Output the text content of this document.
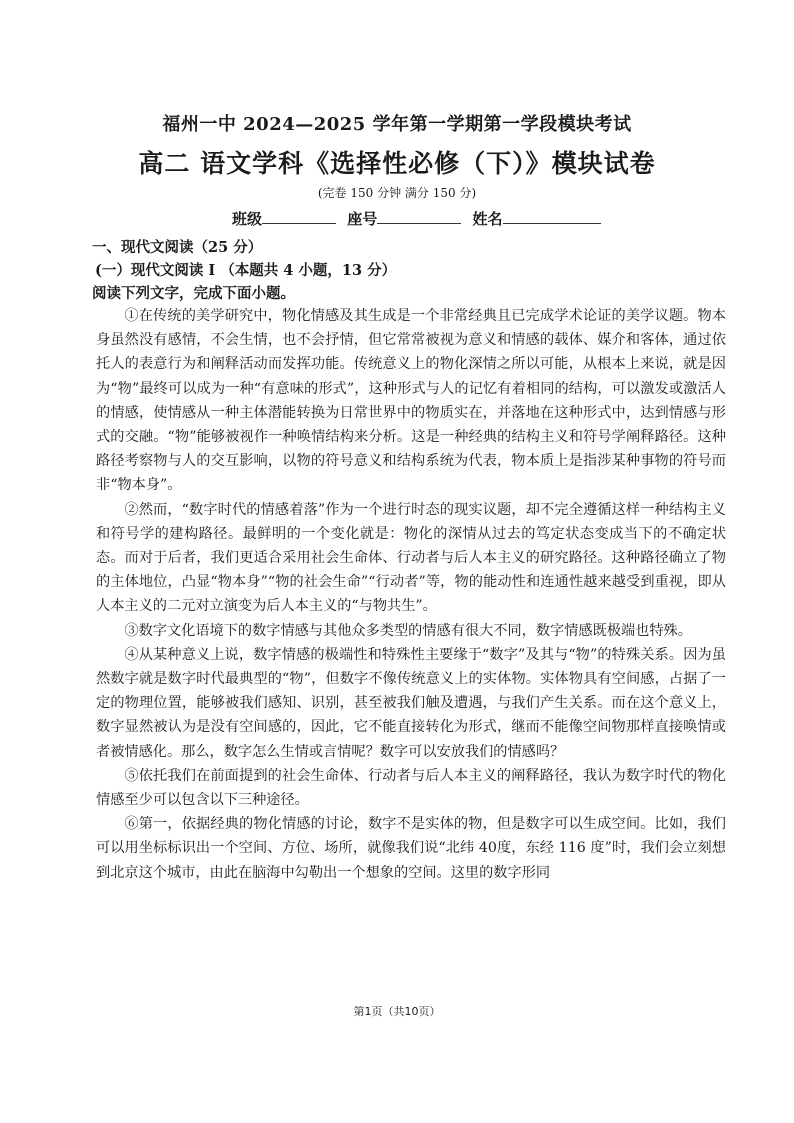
福州一中 2024—2025 学年第一学期第一学段模块考试
高二 语文学科《选择性必修（下）》模块试卷
(完卷 150 分钟 满分 150 分)
班级	座号	姓名
一、现代文阅读（25 分）
(一）现代文阅读 I （本题共 4 小题，13 分）
阅读下列文字，完成下面小题。

①在传统的美学研究中，物化情感及其生成是一个非常经典且已完成学术论证的美学议题。物本身虽然没有感情，不会生情，也不会抒情，但它常常被视为意义和情感的载体、媒介和客体，通过依托人的表意行为和阐释活动而发挥功能。传统意义上的物化深情之所以可能，从根本上来说，就是因为“物”最终可以成为一种“有意味的形式”，这种形式与人的记忆有着相同的结构，可以激发或激活人的情感，使情感从一种主体潜能转换为日常世界中的物质实在，并落地在这种形式中，达到情感与形式的交融。“物”能够被视作一种唤情结构来分析。这是一种经典的结构主义和符号学阐释路径。这种路径考察物与人的交互影响，以物的符号意义和结构系统为代表，物本质上是指涉某种事物的符号而非“物本身”。

②然而，“数字时代的情感着落”作为一个进行时态的现实议题，却不完全遵循这样一种结构主义和符号学的建构路径。最鲜明的一个变化就是：物化的深情从过去的笃定状态变成当下的不确定状态。而对于后者，我们更适合采用社会生命体、行动者与后人本主义的研究路径。这种路径确立了物的主体地位，凸显“物本身”“物的社会生命”“行动者”等，物的能动性和连通性越来越受到重视，即从人本主义的二元对立演变为后人本主义的“与物共生”。

③数字文化语境下的数字情感与其他众多类型的情感有很大不同，数字情感既极端也特殊。

④从某种意义上说，数字情感的极端性和特殊性主要缘于“数字”及其与“物”的特殊关系。因为虽然数字就是数字时代最典型的“物”，但数字不像传统意义上的实体物。实体物具有空间感，占据了一定的物理位置，能够被我们感知、识别，甚至被我们触及遭遇，与我们产生关系。而在这个意义上，数字显然被认为是没有空间感的，因此，它不能直接转化为形式，继而不能像空间物那样直接唤情或者被情感化。那么，数字怎么生情或言情呢？数字可以安放我们的情感吗？

⑤依托我们在前面提到的社会生命体、行动者与后人本主义的阐释路径，我认为数字时代的物化情感至少可以包含以下三种途径。

⑥第一，依据经典的物化情感的讨论，数字不是实体的物，但是数字可以生成空间。比如，我们可以用坐标标识出一个空间、方位、场所，就像我们说“北纬 40度，东经 116 度”时，我们会立刻想到北京这个城市，由此在脑海中勾勒出一个想象的空间。这里的数字形同

第1页（共10页）
